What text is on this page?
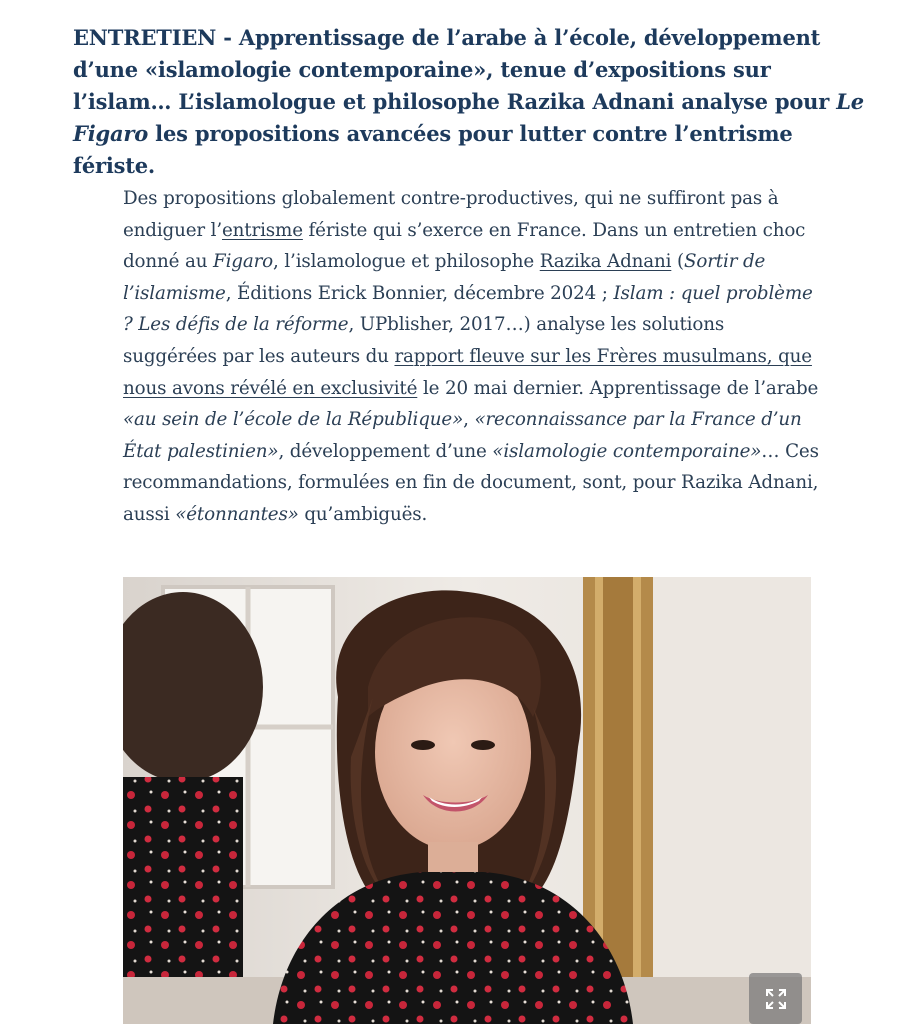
ENTRETIEN - Apprentissage de l’arabe à l’école, développement d’une «islamologie contemporaine», tenue d’expositions sur l’islam… L’islamologue et philosophe Razika Adnani analyse pour Le Figaro les propositions avancées pour lutter contre l’entrisme fériste.

Des propositions globalement contre-productives, qui ne suffiront pas à endiguer l’entrisme fériste qui s’exerce en France. Dans un entretien choc donné au Figaro, l’islamologue et philosophe Razika Adnani (Sortir de l’islamisme, Éditions Erick Bonnier, décembre 2024 ; Islam : quel problème ? Les défis de la réforme, UPblisher, 2017…) analyse les solutions suggérées par les auteurs du rapport fleuve sur les Frères musulmans, que nous avons révélé en exclusivité le 20 mai dernier. Apprentissage de l’arabe «au sein de l’école de la République», «reconnaissance par la France d’un État palestinien», développement d’une «islamologie contemporaine»… Ces recommandations, formulées en fin de document, sont, pour Razika Adnani, aussi «étonnantes» qu’ambiguës.
